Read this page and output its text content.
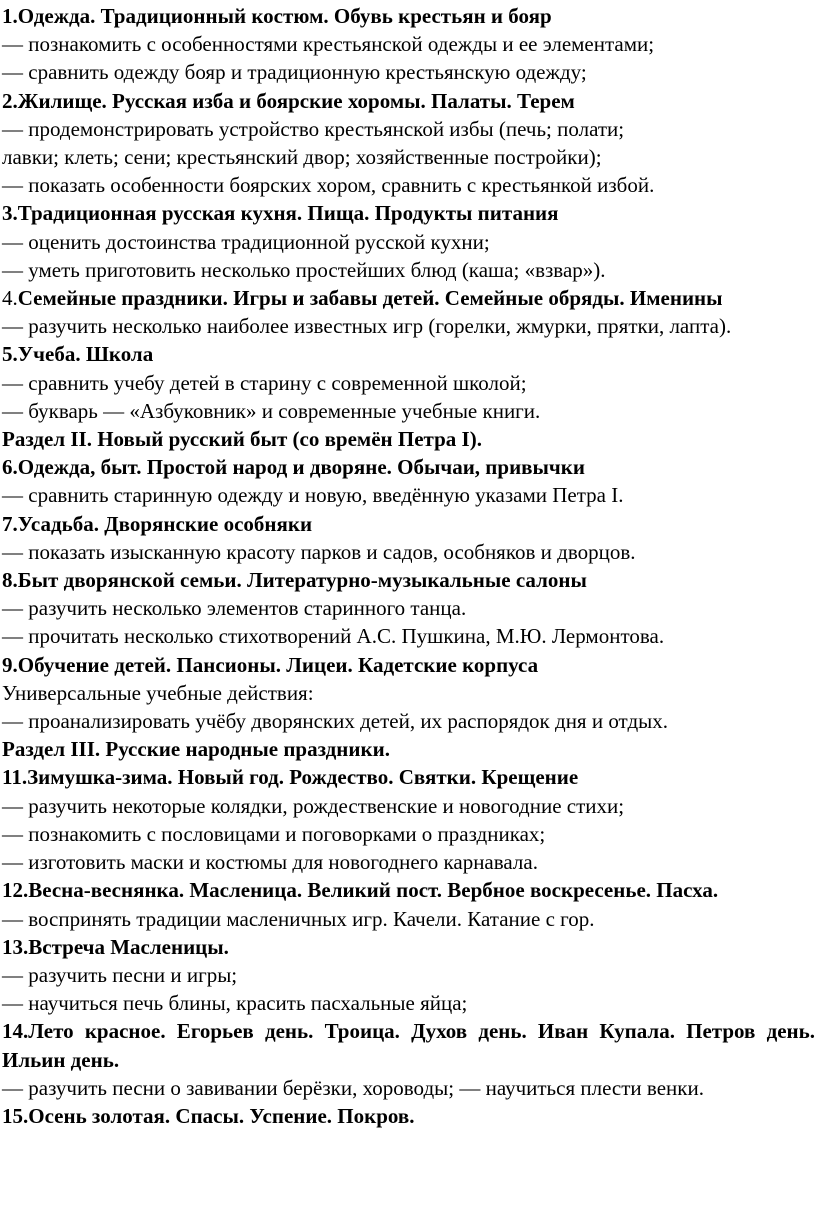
1.Одежда. Традиционный костюм. Обувь крестьян и бояр
— познакомить с особенностями крестьянской одежды и ее элементами;
— сравнить одежду бояр и традиционную крестьянскую одежду;
2.Жилище. Русская изба и боярские хоромы. Палаты. Терем
— продемонстрировать устройство крестьянской избы (печь; полати;
лавки; клеть; сени; крестьянский двор; хозяйственные постройки);
— показать особенности боярских хором, сравнить с крестьянкой избой.
3.Традиционная русская кухня. Пища. Продукты питания
— оценить достоинства традиционной русской кухни;
— уметь приготовить несколько простейших блюд (каша; «взвар»).
4.Семейные праздники. Игры и забавы детей. Семейные обряды. Именины
— разучить несколько наиболее известных игр (горелки, жмурки, прятки, лапта).
5.Учеба. Школа
— сравнить учебу детей в старину с современной школой;
— букварь — «Азбуковник» и современные учебные книги.
Раздел II. Новый русский быт (со времён Петра I).
6.Одежда, быт. Простой народ и дворяне. Обычаи, привычки
— сравнить старинную одежду и новую, введённую указами Петра I.
7.Усадьба. Дворянские особняки
— показать изысканную красоту парков и садов, особняков и дворцов.
8.Быт дворянской семьи. Литературно-музыкальные салоны
— разучить несколько элементов старинного танца.
— прочитать несколько стихотворений А.С. Пушкина, М.Ю. Лермонтова.
9.Обучение детей. Пансионы. Лицеи. Кадетские корпуса
Универсальные учебные действия:
— проанализировать учёбу дворянских детей, их распорядок дня и отдых.
Раздел III. Русские народные праздники.
11.Зимушка-зима. Новый год. Рождество. Святки. Крещение
— разучить некоторые колядки, рождественские и новогодние стихи;
— познакомить с пословицами и поговорками о праздниках;
— изготовить маски и костюмы для новогоднего карнавала.
12.Весна-веснянка. Масленица. Великий пост. Вербное воскресенье. Пасха.
— воспринять традиции масленичных игр. Качели. Катание с гор.
13.Встреча Масленицы.
— разучить песни и игры;
— научиться печь блины, красить пасхальные яйца;
14.Лето красное. Егорьев день. Троица. Духов день. Иван Купала. Петров день. Ильин день.
— разучить песни о завивании берёзки, хороводы; — научиться плести венки.
15.Осень золотая. Спасы. Успение. Покров.
